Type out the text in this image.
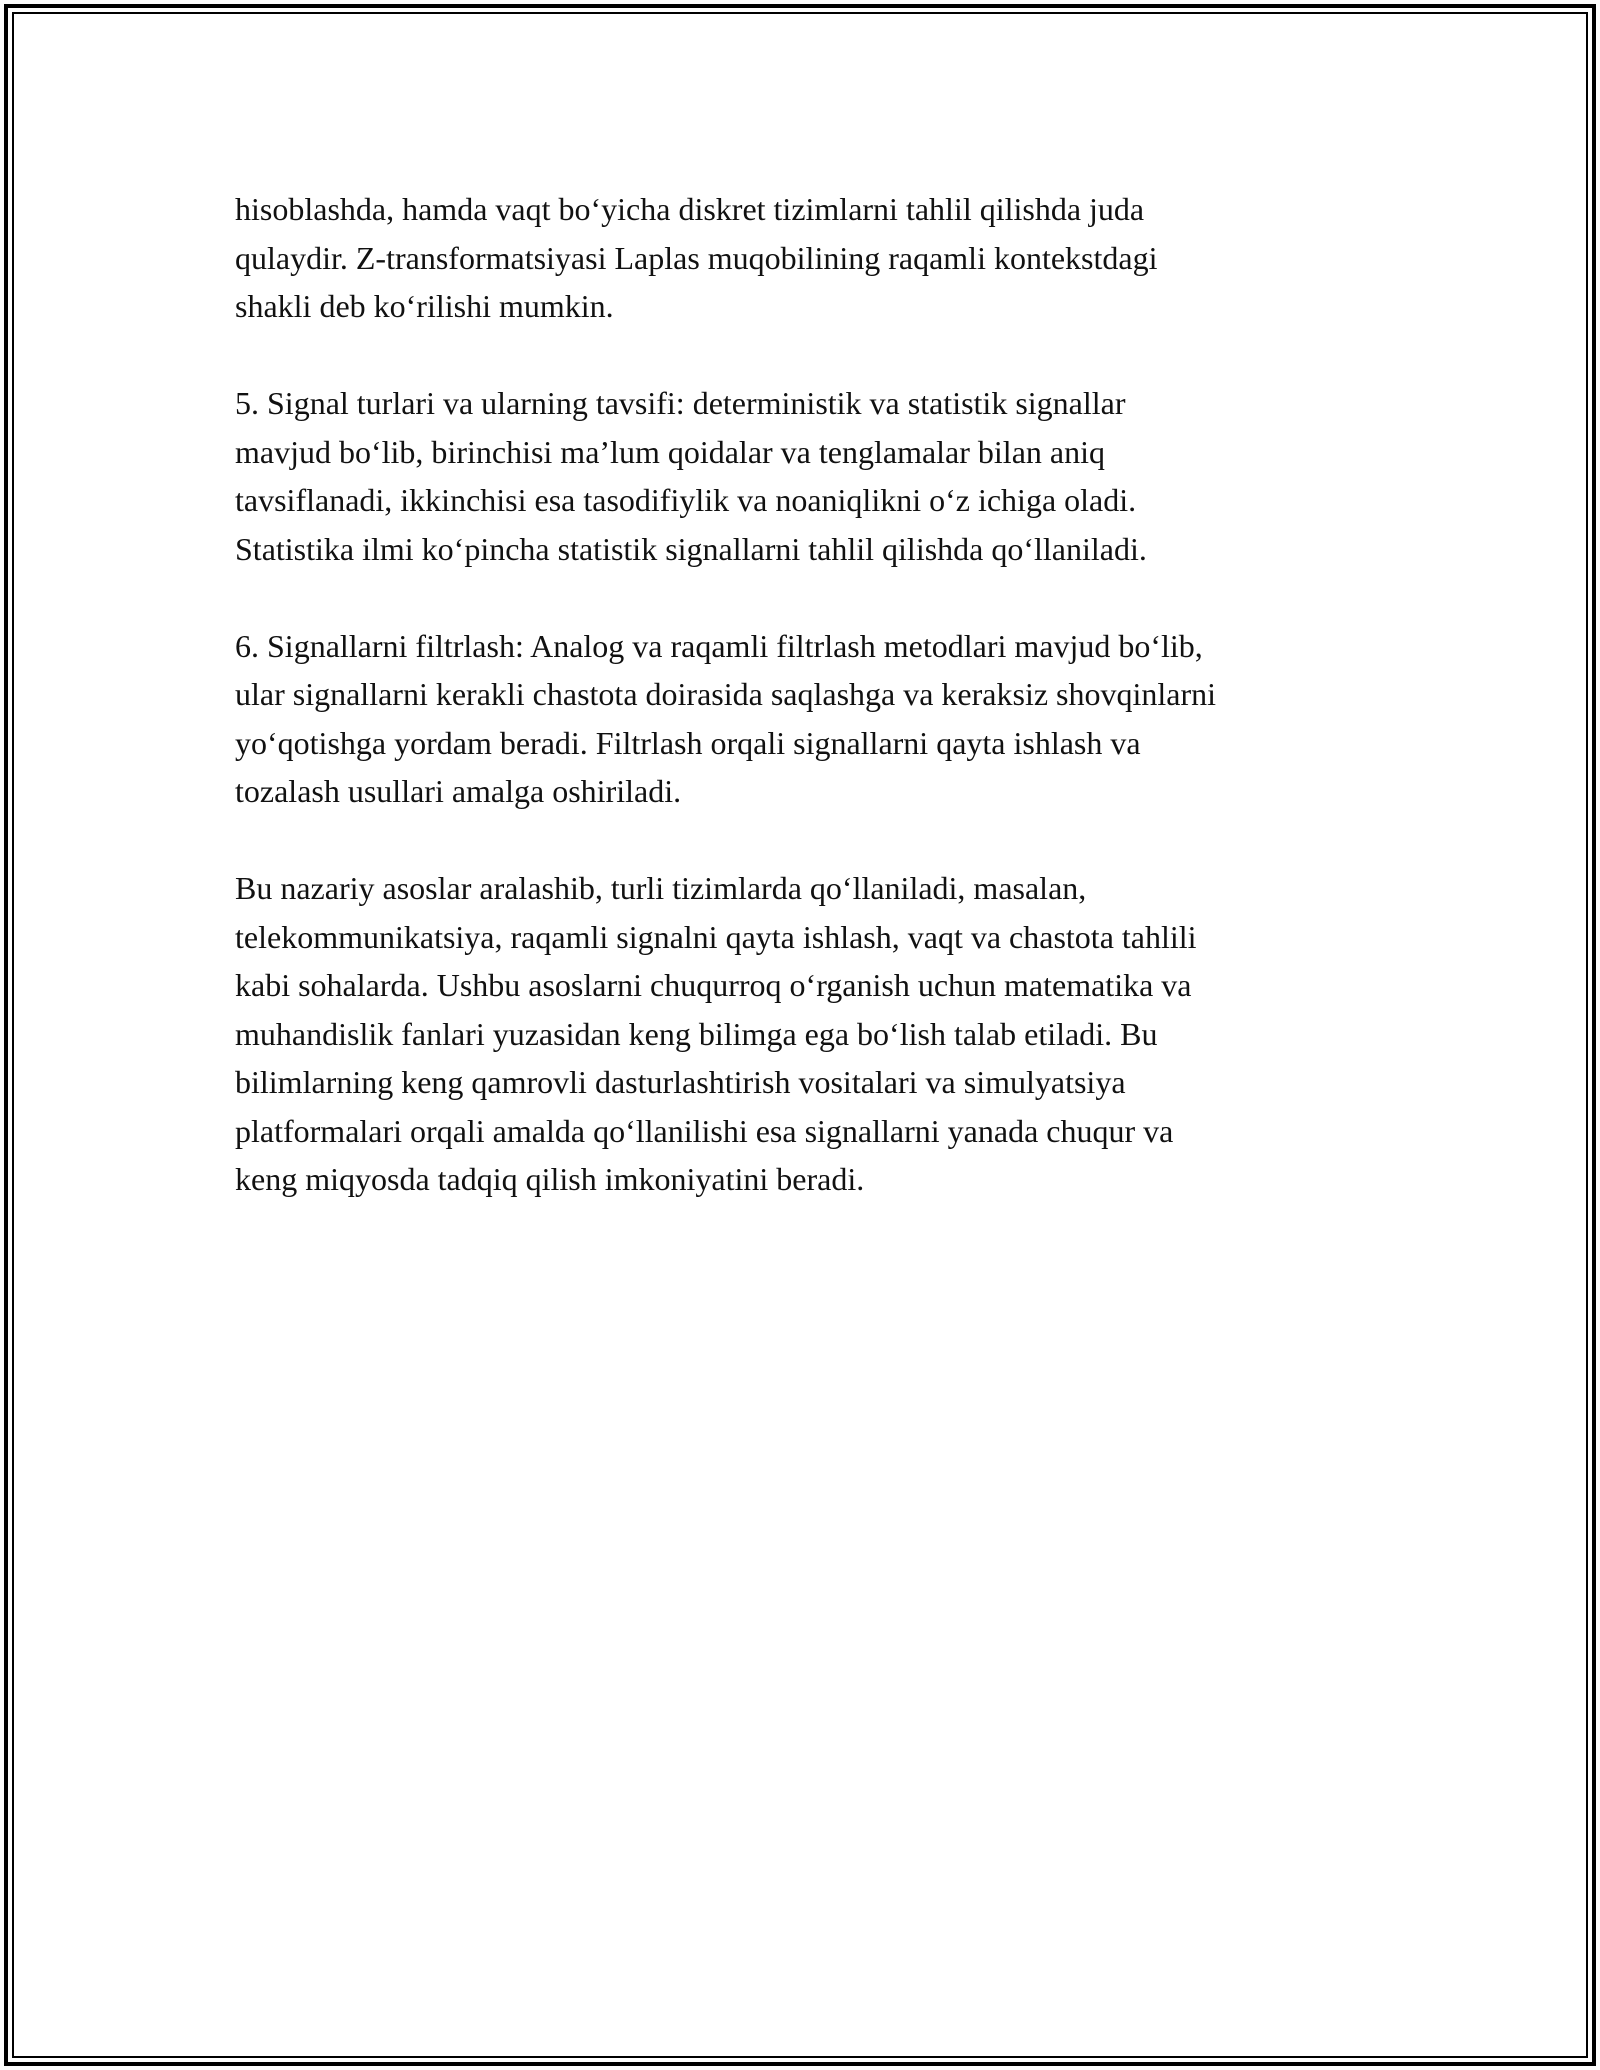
hisoblashda, hamda vaqt bo‘yicha diskret tizimlarni tahlil qilishda juda
qulaydir. Z-transformatsiyasi Laplas muqobilining raqamli kontekstdagi
shakli deb ko‘rilishi mumkin.

5. Signal turlari va ularning tavsifi: deterministik va statistik signallar
mavjud bo‘lib, birinchisi ma’lum qoidalar va tenglamalar bilan aniq
tavsiflanadi, ikkinchisi esa tasodifiylik va noaniqlikni o‘z ichiga oladi.
Statistika ilmi ko‘pincha statistik signallarni tahlil qilishda qo‘llaniladi.

6. Signallarni filtrlash: Analog va raqamli filtrlash metodlari mavjud bo‘lib,
ular signallarni kerakli chastota doirasida saqlashga va keraksiz shovqinlarni
yo‘qotishga yordam beradi. Filtrlash orqali signallarni qayta ishlash va
tozalash usullari amalga oshiriladi.

Bu nazariy asoslar aralashib, turli tizimlarda qo‘llaniladi, masalan,
telekommunikatsiya, raqamli signalni qayta ishlash, vaqt va chastota tahlili
kabi sohalarda. Ushbu asoslarni chuqurroq o‘rganish uchun matematika va
muhandislik fanlari yuzasidan keng bilimga ega bo‘lish talab etiladi. Bu
bilimlarning keng qamrovli dasturlashtirish vositalari va simulyatsiya
platformalari orqali amalda qo‘llanilishi esa signallarni yanada chuqur va
keng miqyosda tadqiq qilish imkoniyatini beradi.
